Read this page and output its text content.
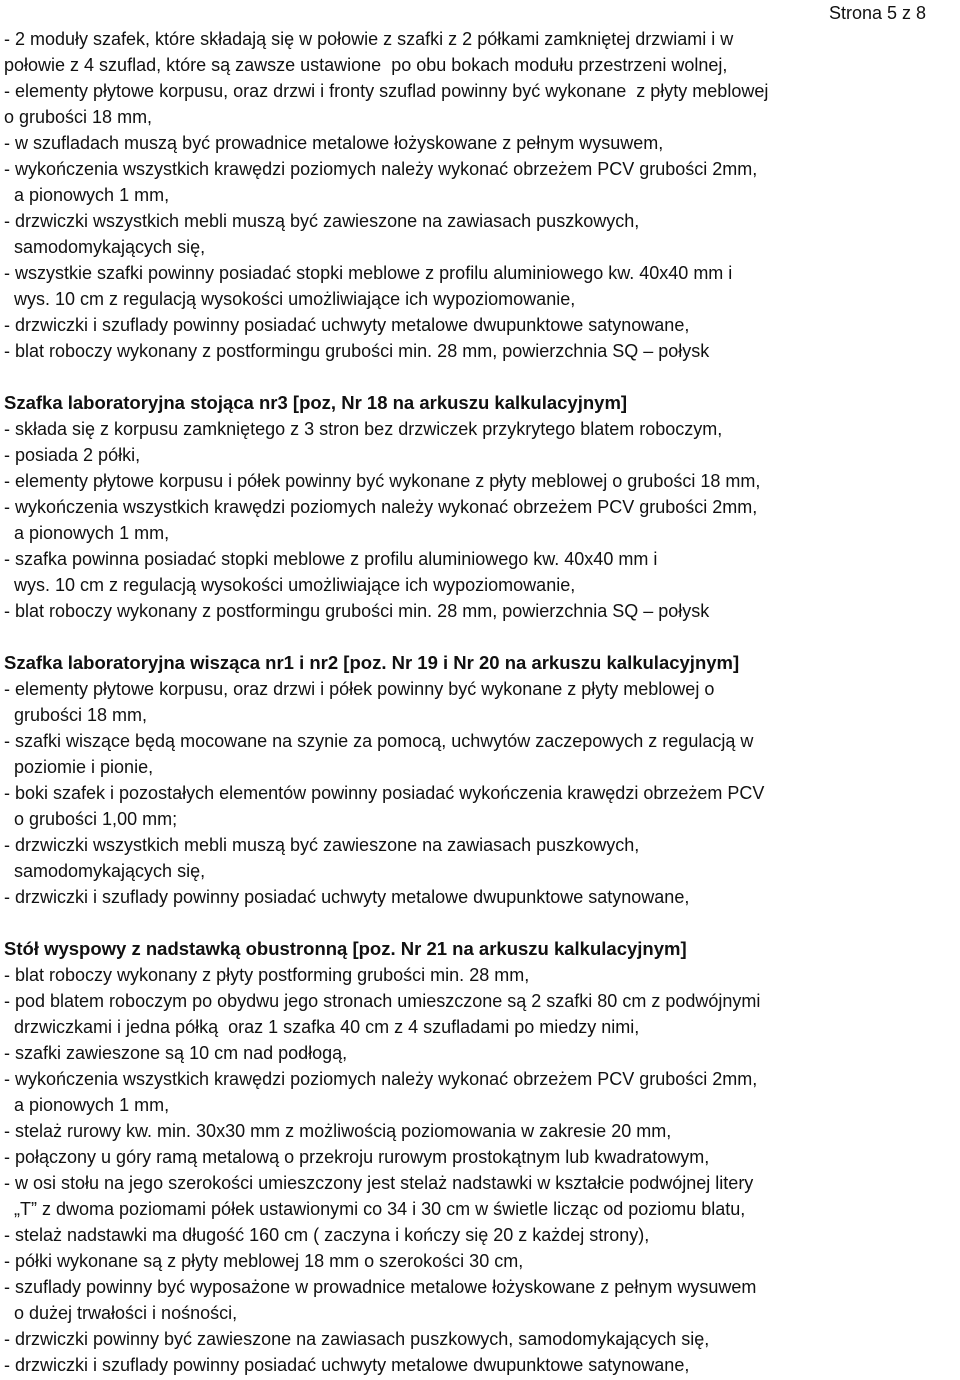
Strona 5 z 8
- 2 moduły szafek, które składają się w połowie z szafki z 2 półkami zamkniętej drzwiami i w
połowie z 4 szuflad, które są zawsze ustawione  po obu bokach modułu przestrzeni wolnej,
- elementy płytowe korpusu, oraz drzwi i fronty szuflad powinny być wykonane  z płyty meblowej
o grubości 18 mm,
- w szufladach muszą być prowadnice metalowe łożyskowane z pełnym wysuwem,
- wykończenia wszystkich krawędzi poziomych należy wykonać obrzeżem PCV grubości 2mm,
a pionowych 1 mm,
- drzwiczki wszystkich mebli muszą być zawieszone na zawiasach puszkowych,
samodomykających się,
- wszystkie szafki powinny posiadać stopki meblowe z profilu aluminiowego kw. 40x40 mm i
wys. 10 cm z regulacją wysokości umożliwiające ich wypoziomowanie,
- drzwiczki i szuflady powinny posiadać uchwyty metalowe dwupunktowe satynowane,
- blat roboczy wykonany z postformingu grubości min. 28 mm, powierzchnia SQ – połysk
Szafka laboratoryjna stojąca nr3 [poz, Nr 18 na arkuszu kalkulacyjnym]
- składa się z korpusu zamkniętego z 3 stron bez drzwiczek przykrytego blatem roboczym,
- posiada 2 półki,
- elementy płytowe korpusu i półek powinny być wykonane z płyty meblowej o grubości 18 mm,
- wykończenia wszystkich krawędzi poziomych należy wykonać obrzeżem PCV grubości 2mm,
a pionowych 1 mm,
- szafka powinna posiadać stopki meblowe z profilu aluminiowego kw. 40x40 mm i
wys. 10 cm z regulacją wysokości umożliwiające ich wypoziomowanie,
- blat roboczy wykonany z postformingu grubości min. 28 mm, powierzchnia SQ – połysk
Szafka laboratoryjna wisząca nr1 i nr2 [poz. Nr 19 i Nr 20 na arkuszu kalkulacyjnym]
- elementy płytowe korpusu, oraz drzwi i półek powinny być wykonane z płyty meblowej o
grubości 18 mm,
- szafki wiszące będą mocowane na szynie za pomocą, uchwytów zaczepowych z regulacją w
poziomie i pionie,
- boki szafek i pozostałych elementów powinny posiadać wykończenia krawędzi obrzeżem PCV
o grubości 1,00 mm;
- drzwiczki wszystkich mebli muszą być zawieszone na zawiasach puszkowych,
samodomykających się,
- drzwiczki i szuflady powinny posiadać uchwyty metalowe dwupunktowe satynowane,
Stół wyspowy z nadstawką obustronną [poz. Nr 21 na arkuszu kalkulacyjnym]
- blat roboczy wykonany z płyty postforming grubości min. 28 mm,
- pod blatem roboczym po obydwu jego stronach umieszczone są 2 szafki 80 cm z podwójnymi
drzwiczkami i jedna półką  oraz 1 szafka 40 cm z 4 szufladami po miedzy nimi,
- szafki zawieszone są 10 cm nad podłogą,
- wykończenia wszystkich krawędzi poziomych należy wykonać obrzeżem PCV grubości 2mm,
a pionowych 1 mm,
- stelaż rurowy kw. min. 30x30 mm z możliwością poziomowania w zakresie 20 mm,
- połączony u góry ramą metalową o przekroju rurowym prostokątnym lub kwadratowym,
- w osi stołu na jego szerokości umieszczony jest stelaż nadstawki w kształcie podwójnej litery
„T” z dwoma poziomami półek ustawionymi co 34 i 30 cm w świetle licząc od poziomu blatu,
- stelaż nadstawki ma długość 160 cm ( zaczyna i kończy się 20 z każdej strony),
- półki wykonane są z płyty meblowej 18 mm o szerokości 30 cm,
- szuflady powinny być wyposażone w prowadnice metalowe łożyskowane z pełnym wysuwem
o dużej trwałości i nośności,
- drzwiczki powinny być zawieszone na zawiasach puszkowych, samodomykających się,
- drzwiczki i szuflady powinny posiadać uchwyty metalowe dwupunktowe satynowane,
